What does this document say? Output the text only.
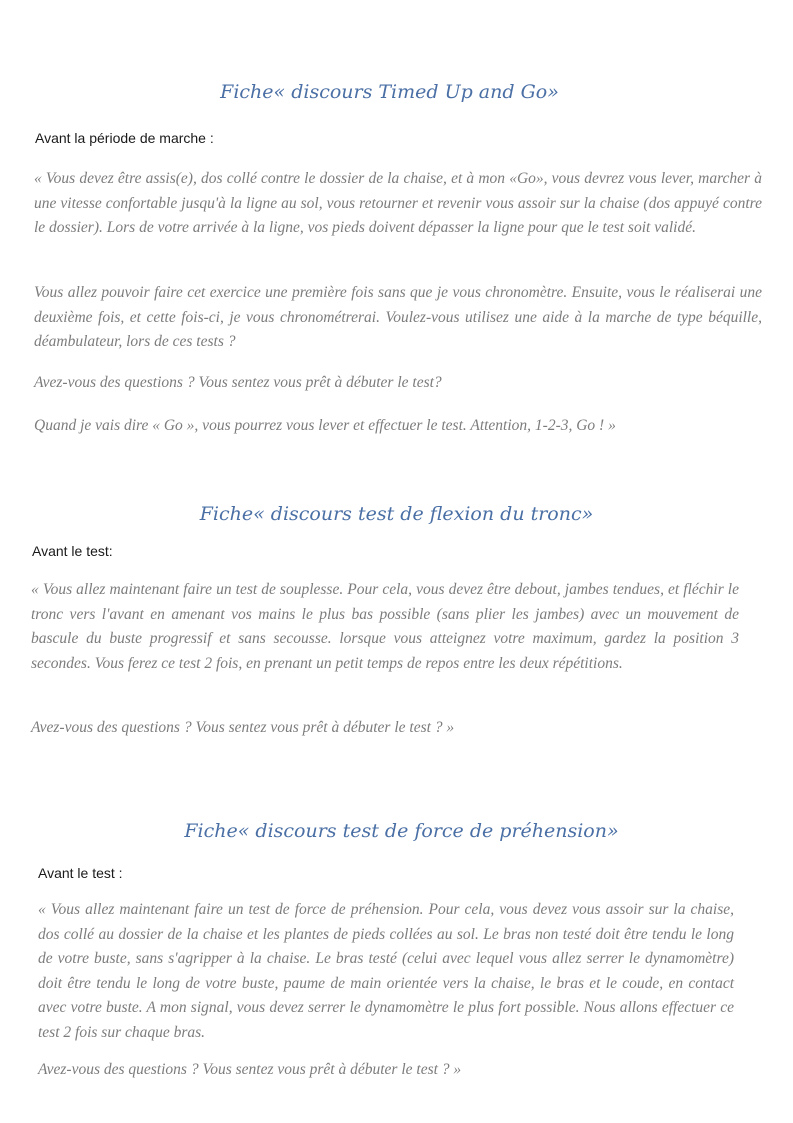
Fiche« discours Timed Up and Go»
Avant la période de marche :

« Vous devez être assis(e), dos collé contre le dossier de la chaise, et à mon «Go», vous devrez vous lever, marcher à une vitesse confortable jusqu'à la ligne au sol, vous retourner et revenir vous assoir sur la chaise (dos appuyé contre le dossier). Lors de votre arrivée à la ligne, vos pieds doivent dépasser la ligne pour que le test soit validé.

Vous allez pouvoir faire cet exercice une première fois sans que je vous chronomètre. Ensuite, vous le réaliserai une deuxième fois, et cette fois-ci, je vous chronométrerai. Voulez-vous utilisez une aide à la marche de type béquille, déambulateur, lors de ces tests ?

Avez-vous des questions ? Vous sentez vous prêt à débuter le test?

Quand je vais dire « Go », vous pourrez vous lever et effectuer le test. Attention, 1-2-3, Go ! »

Fiche« discours test de flexion du tronc»
Avant le test:

« Vous allez maintenant faire un test de souplesse. Pour cela, vous devez être debout, jambes tendues, et fléchir le tronc vers l'avant en amenant vos mains le plus bas possible (sans plier les jambes) avec un mouvement de bascule du buste progressif et sans secousse. lorsque vous atteignez votre maximum, gardez la position 3 secondes. Vous ferez ce test 2 fois, en prenant un petit temps de repos entre les deux répétitions.

Avez-vous des questions ? Vous sentez vous prêt à débuter le test ? »

Fiche« discours test de force de préhension»
Avant le test :

« Vous allez maintenant faire un test de force de préhension. Pour cela, vous devez vous assoir sur la chaise, dos collé au dossier de la chaise et les plantes de pieds collées au sol. Le bras non testé doit être tendu le long de votre buste, sans s'agripper à la chaise. Le bras testé (celui avec lequel vous allez serrer le dynamomètre) doit être tendu le long de votre buste, paume de main orientée vers la chaise, le bras et le coude, en contact avec votre buste. A mon signal, vous devez serrer le dynamomètre le plus fort possible. Nous allons effectuer ce test 2 fois sur chaque bras.

Avez-vous des questions ? Vous sentez vous prêt à débuter le test ? »
